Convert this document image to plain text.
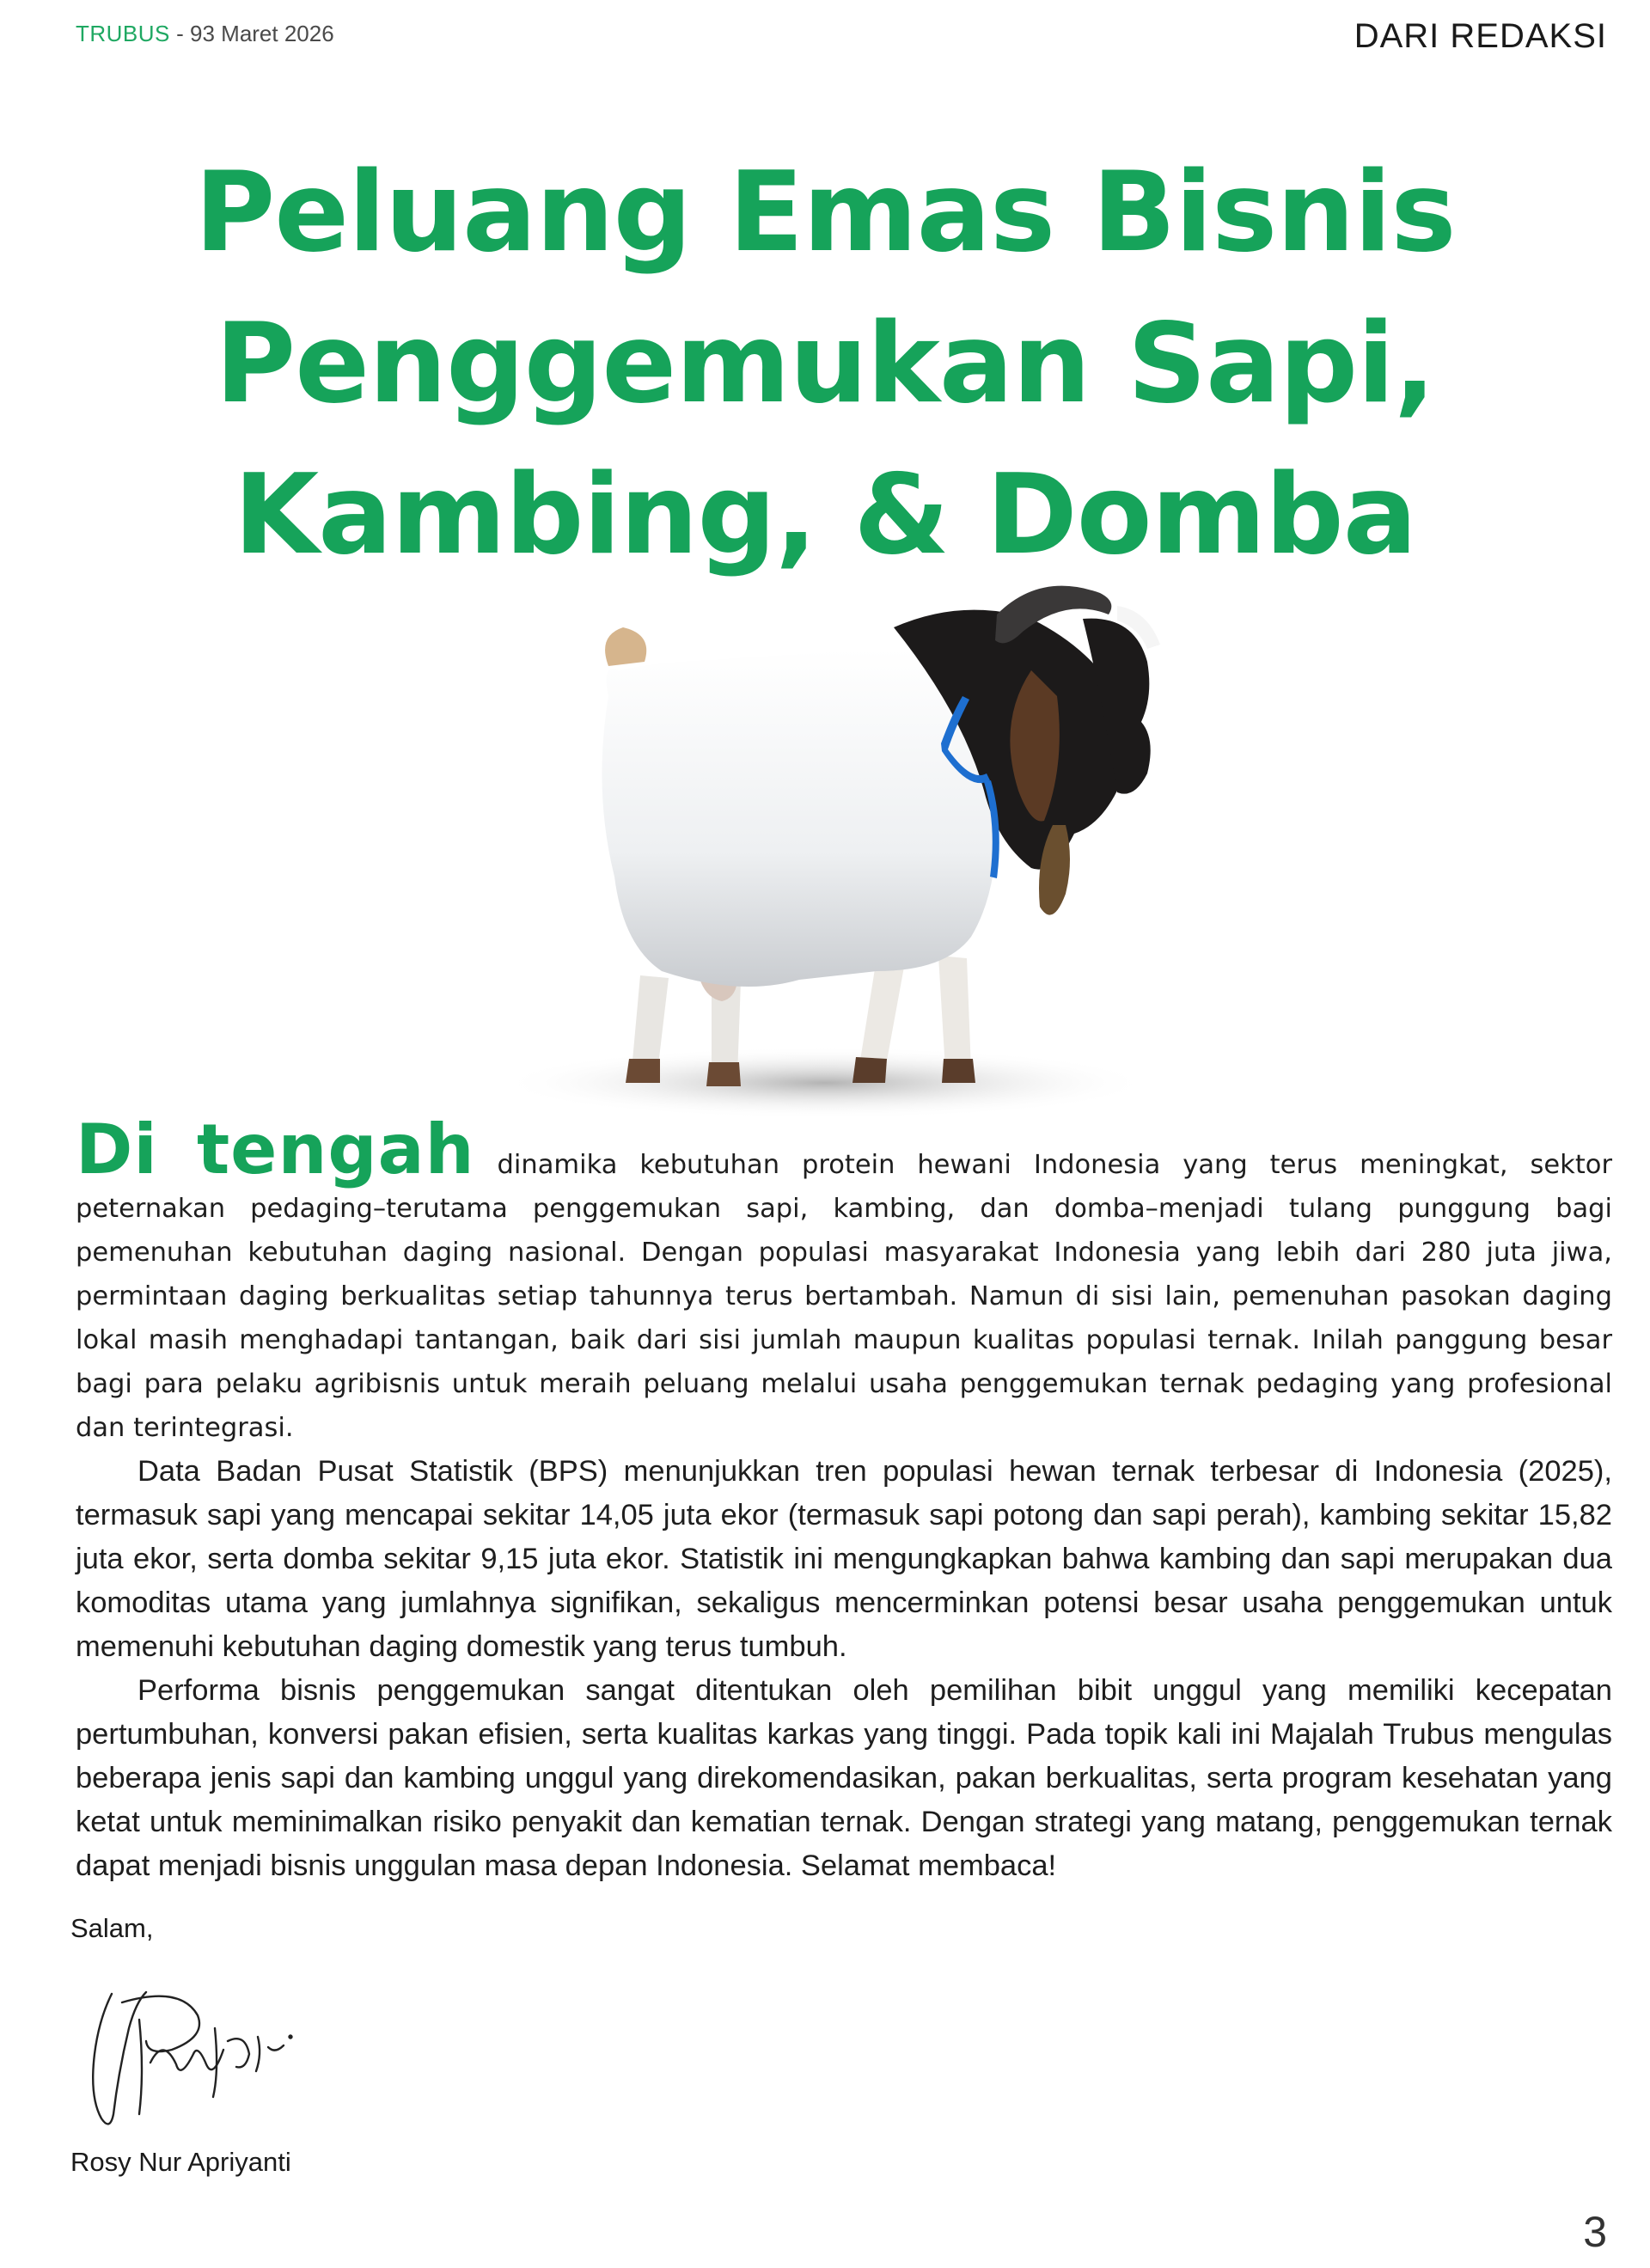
TRUBUS - 93 Maret 2026	DARI REDAKSI
Peluang Emas Bisnis
Penggemukan Sapi,
Kambing, & Domba

Di tengah dinamika kebutuhan protein hewani Indonesia yang terus meningkat, sektor peternakan pedaging–terutama penggemukan sapi, kambing, dan domba–menjadi tulang punggung bagi pemenuhan kebutuhan daging nasional. Dengan populasi masyarakat Indonesia yang lebih dari 280 juta jiwa, permintaan daging berkualitas setiap tahunnya terus bertambah. Namun di sisi lain, pemenuhan pasokan daging lokal masih menghadapi tantangan, baik dari sisi jumlah maupun kualitas populasi ternak. Inilah panggung besar bagi para pelaku agribisnis untuk meraih peluang melalui usaha penggemukan ternak pedaging yang profesional dan terintegrasi.

Data Badan Pusat Statistik (BPS) menunjukkan tren populasi hewan ternak terbesar di Indonesia (2025), termasuk sapi yang mencapai sekitar 14,05 juta ekor (termasuk sapi potong dan sapi perah), kambing sekitar 15,82 juta ekor, serta domba sekitar 9,15 juta ekor. Statistik ini mengungkapkan bahwa kambing dan sapi merupakan dua komoditas utama yang jumlahnya signifikan, sekaligus mencerminkan potensi besar usaha penggemukan untuk memenuhi kebutuhan daging domestik yang terus tumbuh.

Performa bisnis penggemukan sangat ditentukan oleh pemilihan bibit unggul yang memiliki kecepatan pertumbuhan, konversi pakan efisien, serta kualitas karkas yang tinggi. Pada topik kali ini Majalah Trubus mengulas beberapa jenis sapi dan kambing unggul yang direkomendasikan, pakan berkualitas, serta program kesehatan yang ketat untuk meminimalkan risiko penyakit dan kematian ternak. Dengan strategi yang matang, penggemukan ternak dapat menjadi bisnis unggulan masa depan Indonesia. Selamat membaca!

Salam,
Rosy Nur Apriyanti
3
